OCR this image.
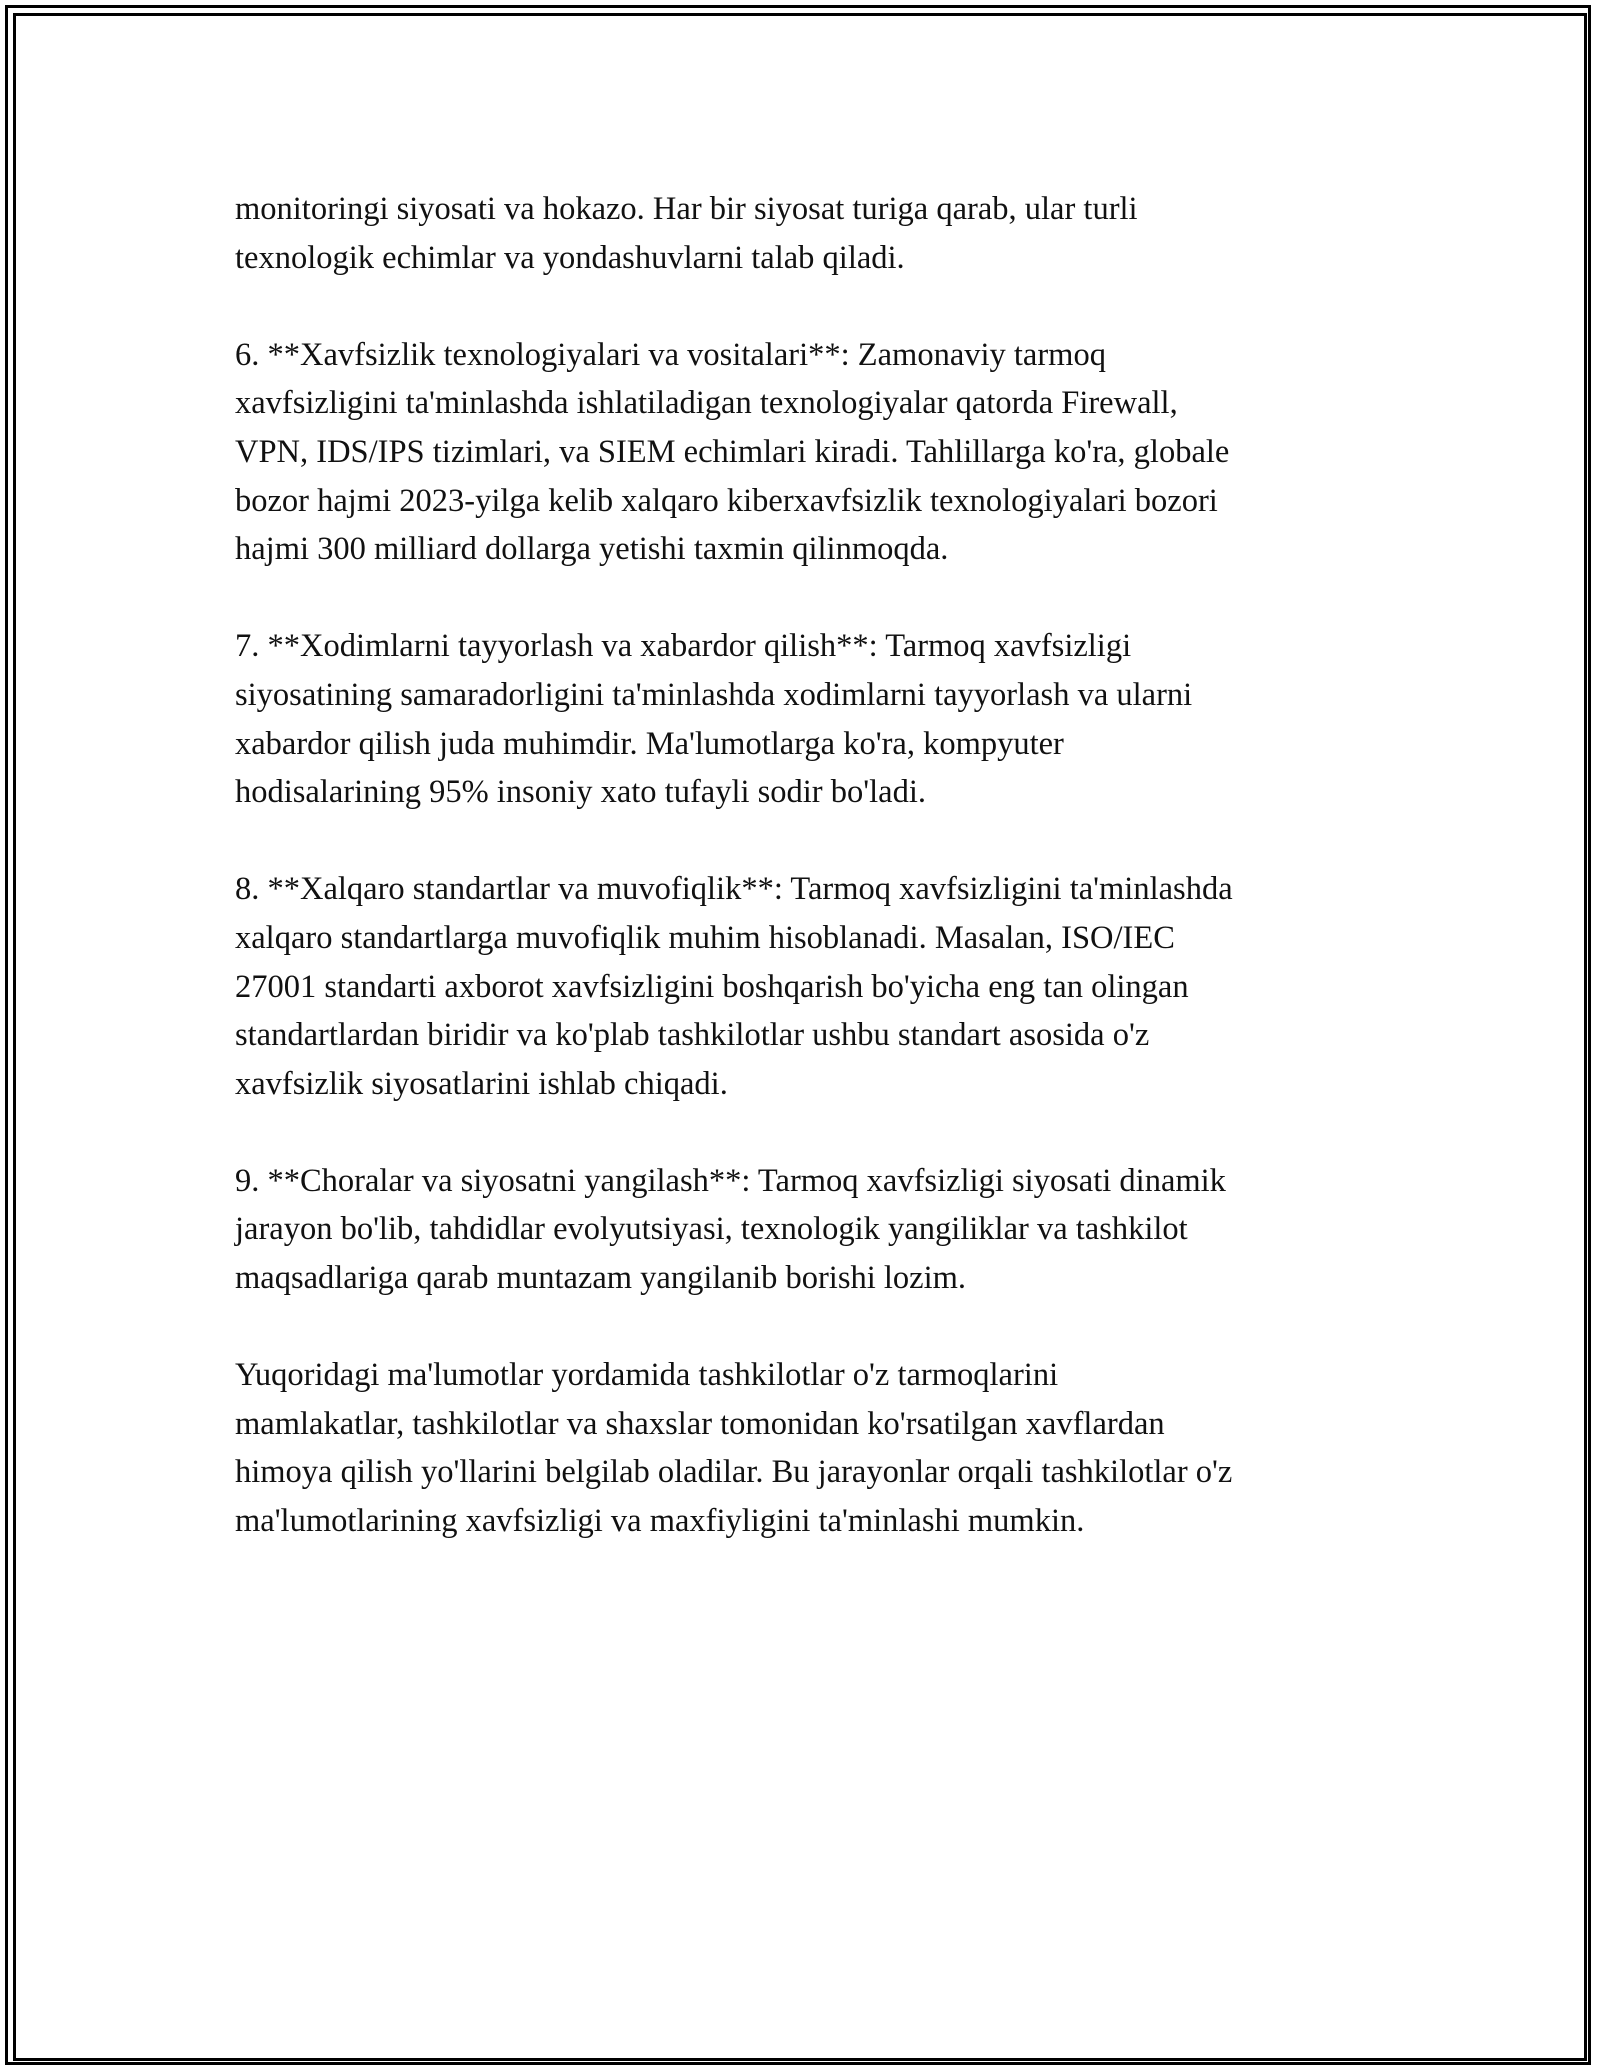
monitoringi siyosati va hokazo. Har bir siyosat turiga qarab, ular turli
texnologik echimlar va yondashuvlarni talab qiladi.

6. **Xavfsizlik texnologiyalari va vositalari**: Zamonaviy tarmoq
xavfsizligini ta'minlashda ishlatiladigan texnologiyalar qatorda Firewall,
VPN, IDS/IPS tizimlari, va SIEM echimlari kiradi. Tahlillarga ko'ra, globale
bozor hajmi 2023-yilga kelib xalqaro kiberxavfsizlik texnologiyalari bozori
hajmi 300 milliard dollarga yetishi taxmin qilinmoqda.

7. **Xodimlarni tayyorlash va xabardor qilish**: Tarmoq xavfsizligi
siyosatining samaradorligini ta'minlashda xodimlarni tayyorlash va ularni
xabardor qilish juda muhimdir. Ma'lumotlarga ko'ra, kompyuter
hodisalarining 95% insoniy xato tufayli sodir bo'ladi.

8. **Xalqaro standartlar va muvofiqlik**: Tarmoq xavfsizligini ta'minlashda
xalqaro standartlarga muvofiqlik muhim hisoblanadi. Masalan, ISO/IEC
27001 standarti axborot xavfsizligini boshqarish bo'yicha eng tan olingan
standartlardan biridir va ko'plab tashkilotlar ushbu standart asosida o'z
xavfsizlik siyosatlarini ishlab chiqadi.

9. **Choralar va siyosatni yangilash**: Tarmoq xavfsizligi siyosati dinamik
jarayon bo'lib, tahdidlar evolyutsiyasi, texnologik yangiliklar va tashkilot
maqsadlariga qarab muntazam yangilanib borishi lozim.

Yuqoridagi ma'lumotlar yordamida tashkilotlar o'z tarmoqlarini
mamlakatlar, tashkilotlar va shaxslar tomonidan ko'rsatilgan xavflardan
himoya qilish yo'llarini belgilab oladilar. Bu jarayonlar orqali tashkilotlar o'z
ma'lumotlarining xavfsizligi va maxfiyligini ta'minlashi mumkin.
